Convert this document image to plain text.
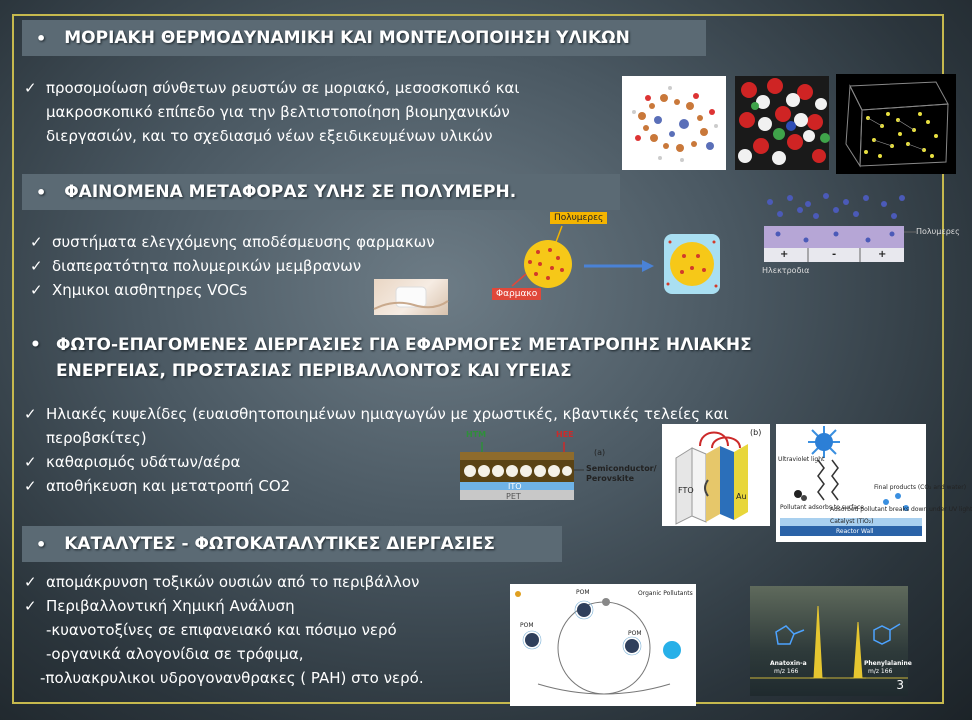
• ΜΟΡΙΑΚΗ ΘΕΡΜΟΔΥΝΑΜΙΚΗ ΚΑΙ ΜΟΝΤΕΛΟΠΟΙΗΣΗ ΥΛΙΚΩΝ
✓ προσομοίωση σύνθετων ρευστών σε μοριακό, μεσοσκοπικό και
μακροσκοπικό επίπεδο για την βελτιστοποίηση βιομηχανικών
διεργασιών, και το σχεδιασμό νέων εξειδικευμένων υλικών
• ΦΑΙΝΟΜΕΝΑ ΜΕΤΑΦΟΡΑΣ ΥΛΗΣ ΣΕ ΠΟΛΥΜΕΡΗ.
✓ συστήματα ελεγχόμενης αποδέσμευσης φαρμακων
✓ διαπερατότητα πολυμερικών μεμβρανων
✓ Χημικοι αισθητηρες VOCs
Πολυμερες
Φαρμακο
Πολυμερες
+	-	+
Ηλεκτροδια
• ΦΩΤΟ-ΕΠΑΓΟΜΕΝΕΣ ΔΙΕΡΓΑΣΙΕΣ ΓΙΑ ΕΦΑΡΜΟΓΕΣ ΜΕΤΑΤΡΟΠΗΣ ΗΛΙΑΚΗΣ
ΕΝΕΡΓΕΙΑΣ, ΠΡΟΣΤΑΣΙΑΣ ΠΕΡΙΒΑΛΛΟΝΤΟΣ ΚΑΙ ΥΓΕΙΑΣ
✓ Ηλιακές κυψελίδες (ευαισθητοποιημένων ημιαγωγών με χρωστικές, κβαντικές τελείες και
περοβσκίτες)
✓ καθαρισμός υδάτων/αέρα
✓ αποθήκευση και μετατροπή CO2
HTM	HEE
(a)
Semiconductor/
Perovskite
ITO
PET
(b)
FTO
Au
Ultraviolet light
Final products (CO₂ and water)
Pollutant adsorbs to surface
Adsorbed pollutant breaks down under UV light
Catalyst (TiO₂)
Reactor Wall
• ΚΑΤΑΛΥΤΕΣ - ΦΩΤΟΚΑΤΑΛΥΤΙΚΕΣ ΔΙΕΡΓΑΣΙΕΣ
✓ απομάκρυνση τοξικών ουσιών από το περιβάλλον
✓ Περιβαλλοντική Χημική Ανάλυση
-κυανοτοξίνες σε επιφανειακό και πόσιμο νερό
-οργανικά αλογονίδια σε τρόφιμα,
-πολυακρυλικοι υδρογονανθρακες ( PAH) στο νερό.
POM
POM
POM
Organic Pollutants
Anatoxin-a
m/z 166
Phenylalanine
m/z 166
3
